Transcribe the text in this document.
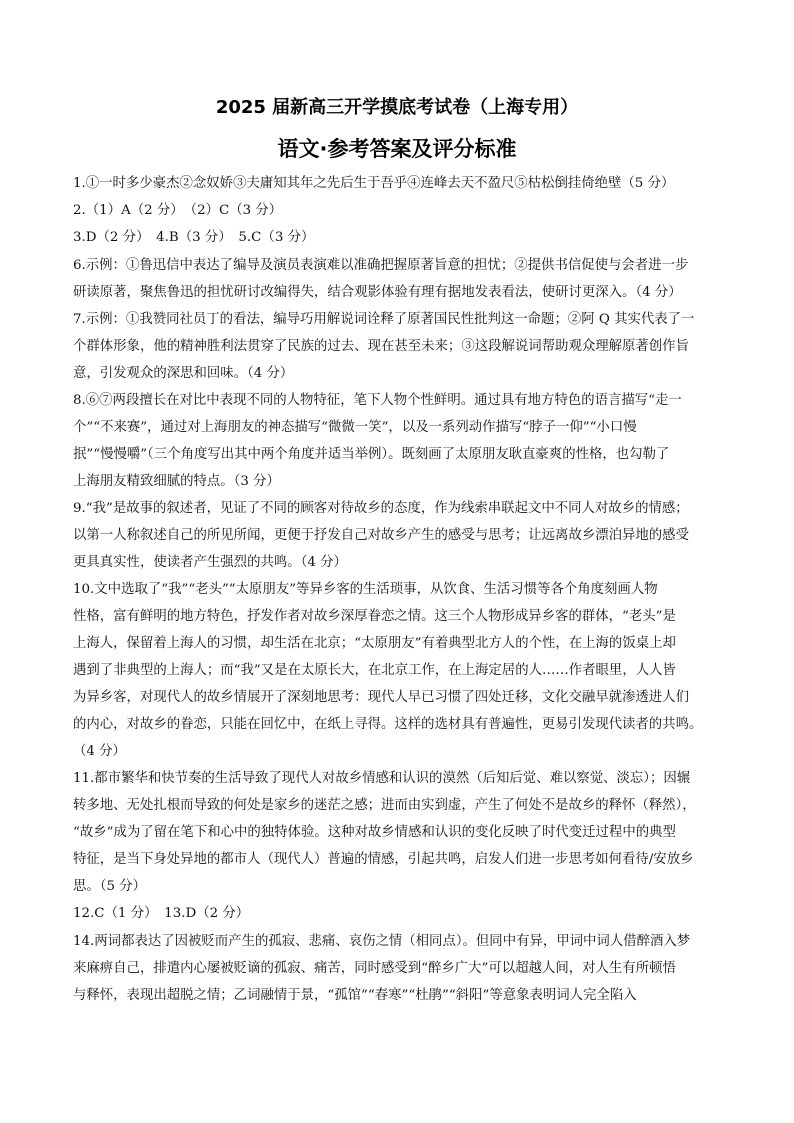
2025 届新高三开学摸底考试卷（上海专用）
语文·参考答案及评分标准
1.①一时多少豪杰②念奴娇③夫庸知其年之先后生于吾乎④连峰去天不盈尺⑤枯松倒挂倚绝壁（5 分）
2.（1）A（2 分）　（2）C（3 分）
3.D（2 分）　4.B（3 分）　5.C（3 分）
6.示例：①鲁迅信中表达了编导及演员表演难以准确把握原著旨意的担忧；②提供书信促使与会者进一步
研读原著，聚焦鲁迅的担忧研讨改编得失，结合观影体验有理有据地发表看法，使研讨更深入。（4 分）
7.示例：①我赞同社员丁的看法，编导巧用解说词诠释了原著国民性批判这一命题；②阿 Q 其实代表了一
个群体形象，他的精神胜利法贯穿了民族的过去、现在甚至未来；③这段解说词帮助观众理解原著创作旨
意，引发观众的深思和回味。（4 分）
8.⑥⑦两段擅长在对比中表现不同的人物特征，笔下人物个性鲜明。通过具有地方特色的语言描写“走一
个”“不来赛”，通过对上海朋友的神态描写“微微一笑”，以及一系列动作描写“脖子一仰”“小口慢
抿”“慢慢嚼”（三个角度写出其中两个角度并适当举例）。既刻画了太原朋友耿直豪爽的性格，也勾勒了
上海朋友精致细腻的特点。（3 分）
9.“我”是故事的叙述者，见证了不同的顾客对待故乡的态度，作为线索串联起文中不同人对故乡的情感；
以第一人称叙述自己的所见所闻，更便于抒发自己对故乡产生的感受与思考；让远离故乡漂泊异地的感受
更具真实性，使读者产生强烈的共鸣。（4 分）
10.文中选取了“我”“老头”“太原朋友”等异乡客的生活琐事，从饮食、生活习惯等各个角度刻画人物
性格，富有鲜明的地方特色，抒发作者对故乡深厚眷恋之情。这三个人物形成异乡客的群体，“老头”是
上海人，保留着上海人的习惯，却生活在北京；“太原朋友”有着典型北方人的个性，在上海的饭桌上却
遇到了非典型的上海人；而“我”又是在太原长大，在北京工作，在上海定居的人……作者眼里，人人皆
为异乡客，对现代人的故乡情展开了深刻地思考：现代人早已习惯了四处迁移，文化交融早就渗透进人们
的内心，对故乡的眷恋，只能在回忆中，在纸上寻得。这样的选材具有普遍性，更易引发现代读者的共鸣。
（4 分）
11.都市繁华和快节奏的生活导致了现代人对故乡情感和认识的漠然（后知后觉、难以察觉、淡忘）；因辗
转多地、无处扎根而导致的何处是家乡的迷茫之感；进而由实到虚，产生了何处不是故乡的释怀（释然），
“故乡”成为了留在笔下和心中的独特体验。这种对故乡情感和认识的变化反映了时代变迁过程中的典型
特征，是当下身处异地的都市人（现代人）普遍的情感，引起共鸣，启发人们进一步思考如何看待/安放乡
思。（5 分）
12.C（1 分）　13.D（2 分）
14.两词都表达了因被贬而产生的孤寂、悲痛、哀伤之情（相同点）。但同中有异，甲词中词人借醉酒入梦
来麻痹自己，排遣内心屡被贬谪的孤寂、痛苦，同时感受到“醉乡广大”可以超越人间，对人生有所顿悟
与释怀，表现出超脱之情；乙词融情于景，“孤馆”“春寒”“杜鹃”“斜阳”等意象表明词人完全陷入
